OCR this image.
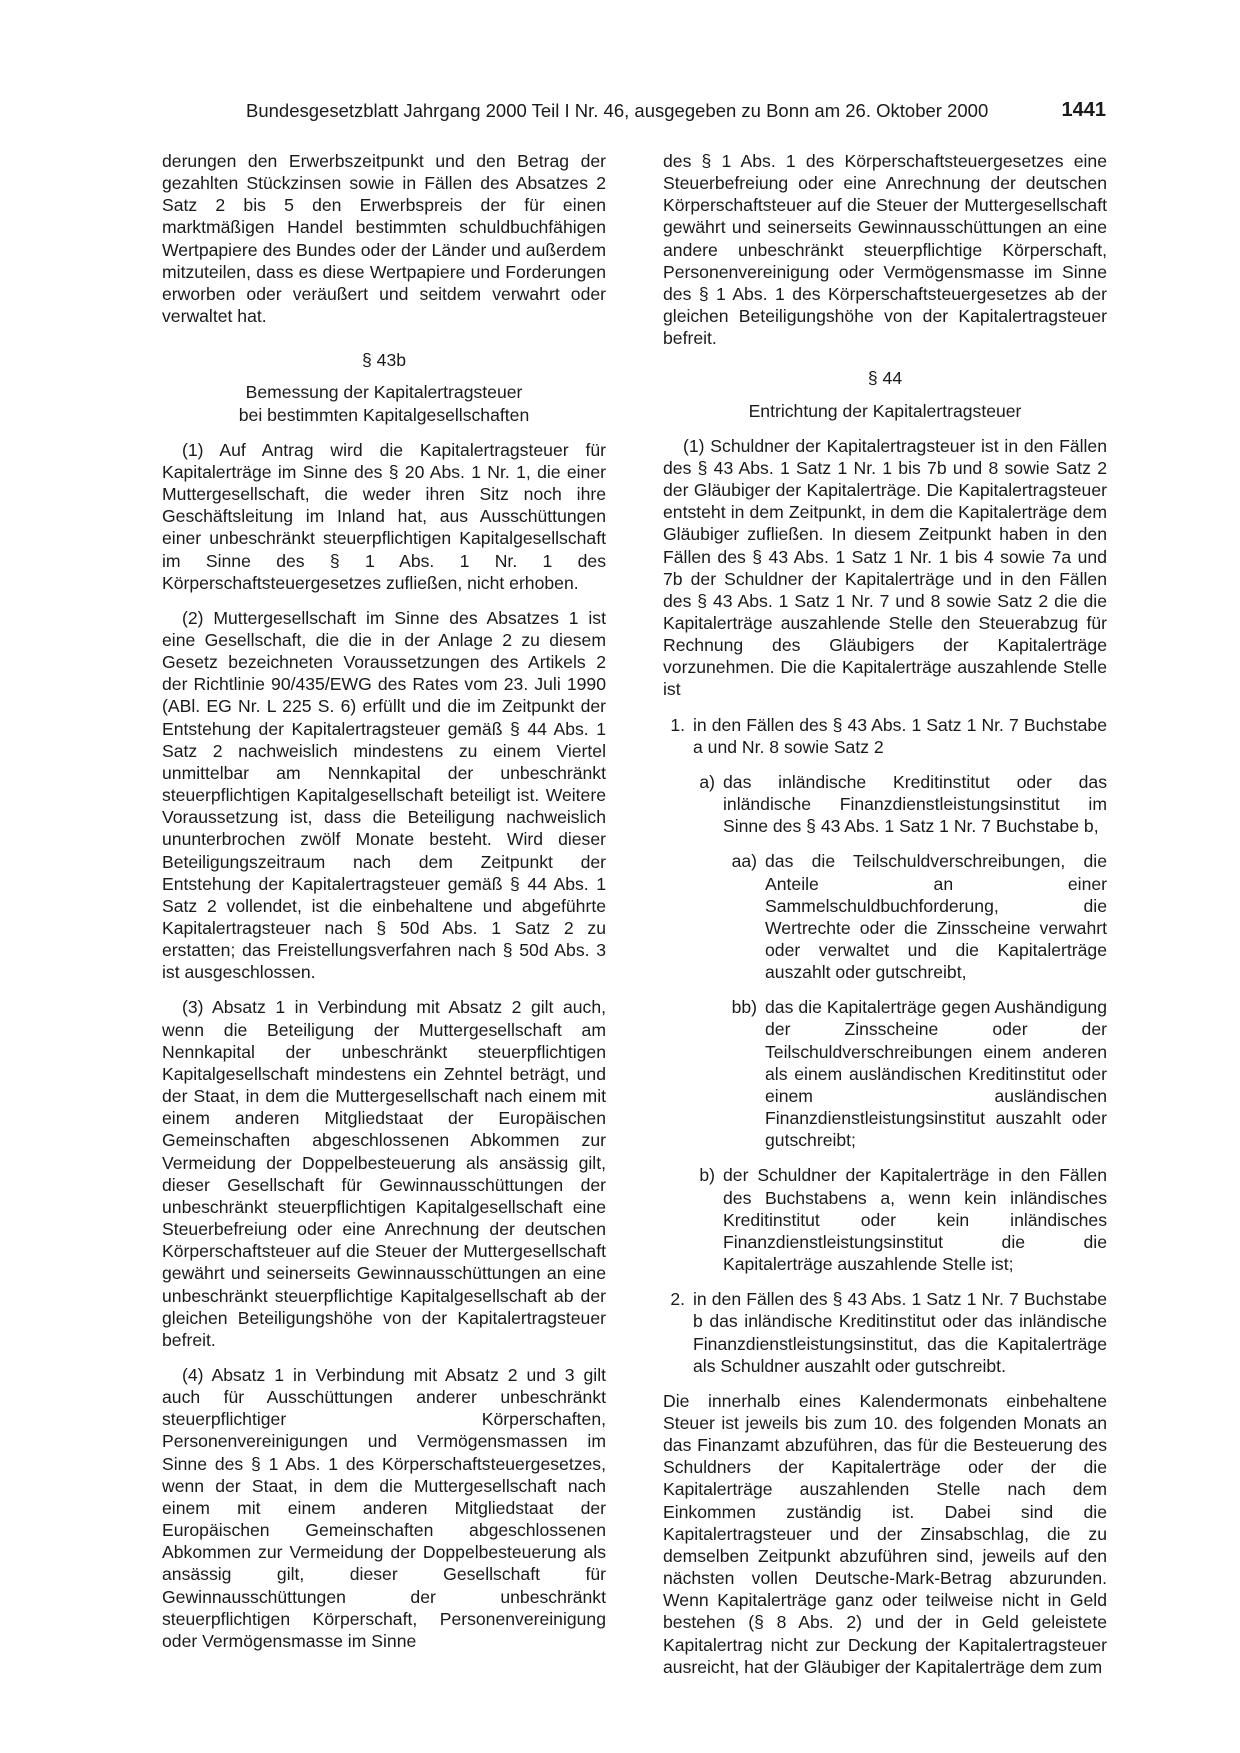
Bundesgesetzblatt Jahrgang 2000 Teil I Nr. 46, ausgegeben zu Bonn am 26. Oktober 2000	1441

derungen den Erwerbszeitpunkt und den Betrag der gezahlten Stückzinsen sowie in Fällen des Absatzes 2 Satz 2 bis 5 den Erwerbspreis der für einen marktmäßigen Handel bestimmten schuldbuchfähigen Wertpapiere des Bundes oder der Länder und außerdem mitzuteilen, dass es diese Wertpapiere und Forderungen erworben oder veräußert und seitdem verwahrt oder verwaltet hat.

§ 43b
Bemessung der Kapitalertragsteuer
bei bestimmten Kapitalgesellschaften

(1) Auf Antrag wird die Kapitalertragsteuer für Kapitalerträge im Sinne des § 20 Abs. 1 Nr. 1, die einer Muttergesellschaft, die weder ihren Sitz noch ihre Geschäftsleitung im Inland hat, aus Ausschüttungen einer unbeschränkt steuerpflichtigen Kapitalgesellschaft im Sinne des § 1 Abs. 1 Nr. 1 des Körperschaftsteuergesetzes zufließen, nicht erhoben.

(2) Muttergesellschaft im Sinne des Absatzes 1 ist eine Gesellschaft, die die in der Anlage 2 zu diesem Gesetz bezeichneten Voraussetzungen des Artikels 2 der Richtlinie 90/435/EWG des Rates vom 23. Juli 1990 (ABl. EG Nr. L 225 S. 6) erfüllt und die im Zeitpunkt der Entstehung der Kapitalertragsteuer gemäß § 44 Abs. 1 Satz 2 nachweislich mindestens zu einem Viertel unmittelbar am Nennkapital der unbeschränkt steuerpflichtigen Kapitalgesellschaft beteiligt ist. Weitere Voraussetzung ist, dass die Beteiligung nachweislich ununterbrochen zwölf Monate besteht. Wird dieser Beteiligungszeitraum nach dem Zeitpunkt der Entstehung der Kapitalertragsteuer gemäß § 44 Abs. 1 Satz 2 vollendet, ist die einbehaltene und abgeführte Kapitalertragsteuer nach § 50d Abs. 1 Satz 2 zu erstatten; das Freistellungsverfahren nach § 50d Abs. 3 ist ausgeschlossen.

(3) Absatz 1 in Verbindung mit Absatz 2 gilt auch, wenn die Beteiligung der Muttergesellschaft am Nennkapital der unbeschränkt steuerpflichtigen Kapitalgesellschaft mindestens ein Zehntel beträgt, und der Staat, in dem die Muttergesellschaft nach einem mit einem anderen Mitgliedstaat der Europäischen Gemeinschaften abgeschlossenen Abkommen zur Vermeidung der Doppelbesteuerung als ansässig gilt, dieser Gesellschaft für Gewinnausschüttungen der unbeschränkt steuerpflichtigen Kapitalgesellschaft eine Steuerbefreiung oder eine Anrechnung der deutschen Körperschaftsteuer auf die Steuer der Muttergesellschaft gewährt und seinerseits Gewinnausschüttungen an eine unbeschränkt steuerpflichtige Kapitalgesellschaft ab der gleichen Beteiligungshöhe von der Kapitalertragsteuer befreit.

(4) Absatz 1 in Verbindung mit Absatz 2 und 3 gilt auch für Ausschüttungen anderer unbeschränkt steuerpflichtiger Körperschaften, Personenvereinigungen und Vermögensmassen im Sinne des § 1 Abs. 1 des Körperschaftsteuergesetzes, wenn der Staat, in dem die Muttergesellschaft nach einem mit einem anderen Mitgliedstaat der Europäischen Gemeinschaften abgeschlossenen Abkommen zur Vermeidung der Doppelbesteuerung als ansässig gilt, dieser Gesellschaft für Gewinnausschüttungen der unbeschränkt steuerpflichtigen Körperschaft, Personenvereinigung oder Vermögensmasse im Sinne

des § 1 Abs. 1 des Körperschaftsteuergesetzes eine Steuerbefreiung oder eine Anrechnung der deutschen Körperschaftsteuer auf die Steuer der Muttergesellschaft gewährt und seinerseits Gewinnausschüttungen an eine andere unbeschränkt steuerpflichtige Körperschaft, Personenvereinigung oder Vermögensmasse im Sinne des § 1 Abs. 1 des Körperschaftsteuergesetzes ab der gleichen Beteiligungshöhe von der Kapitalertragsteuer befreit.

§ 44
Entrichtung der Kapitalertragsteuer

(1) Schuldner der Kapitalertragsteuer ist in den Fällen des § 43 Abs. 1 Satz 1 Nr. 1 bis 7b und 8 sowie Satz 2 der Gläubiger der Kapitalerträge. Die Kapitalertragsteuer entsteht in dem Zeitpunkt, in dem die Kapitalerträge dem Gläubiger zufließen. In diesem Zeitpunkt haben in den Fällen des § 43 Abs. 1 Satz 1 Nr. 1 bis 4 sowie 7a und 7b der Schuldner der Kapitalerträge und in den Fällen des § 43 Abs. 1 Satz 1 Nr. 7 und 8 sowie Satz 2 die die Kapitalerträge auszahlende Stelle den Steuerabzug für Rechnung des Gläubigers der Kapitalerträge vorzunehmen. Die die Kapitalerträge auszahlende Stelle ist

1. in den Fällen des § 43 Abs. 1 Satz 1 Nr. 7 Buchstabe a und Nr. 8 sowie Satz 2
a) das inländische Kreditinstitut oder das inländische Finanzdienstleistungsinstitut im Sinne des § 43 Abs. 1 Satz 1 Nr. 7 Buchstabe b,
aa) das die Teilschuldverschreibungen, die Anteile an einer Sammelschuldbuchforderung, die Wertrechte oder die Zinsscheine verwahrt oder verwaltet und die Kapitalerträge auszahlt oder gutschreibt,
bb) das die Kapitalerträge gegen Aushändigung der Zinsscheine oder der Teilschuldverschreibungen einem anderen als einem ausländischen Kreditinstitut oder einem ausländischen Finanzdienstleistungsinstitut auszahlt oder gutschreibt;
b) der Schuldner der Kapitalerträge in den Fällen des Buchstabens a, wenn kein inländisches Kreditinstitut oder kein inländisches Finanzdienstleistungsinstitut die die Kapitalerträge auszahlende Stelle ist;
2. in den Fällen des § 43 Abs. 1 Satz 1 Nr. 7 Buchstabe b das inländische Kreditinstitut oder das inländische Finanzdienstleistungsinstitut, das die Kapitalerträge als Schuldner auszahlt oder gutschreibt.

Die innerhalb eines Kalendermonats einbehaltene Steuer ist jeweils bis zum 10. des folgenden Monats an das Finanzamt abzuführen, das für die Besteuerung des Schuldners der Kapitalerträge oder der die Kapitalerträge auszahlenden Stelle nach dem Einkommen zuständig ist. Dabei sind die Kapitalertragsteuer und der Zinsabschlag, die zu demselben Zeitpunkt abzuführen sind, jeweils auf den nächsten vollen Deutsche-Mark-Betrag abzurunden. Wenn Kapitalerträge ganz oder teilweise nicht in Geld bestehen (§ 8 Abs. 2) und der in Geld geleistete Kapitalertrag nicht zur Deckung der Kapitalertragsteuer ausreicht, hat der Gläubiger der Kapitalerträge dem zum
